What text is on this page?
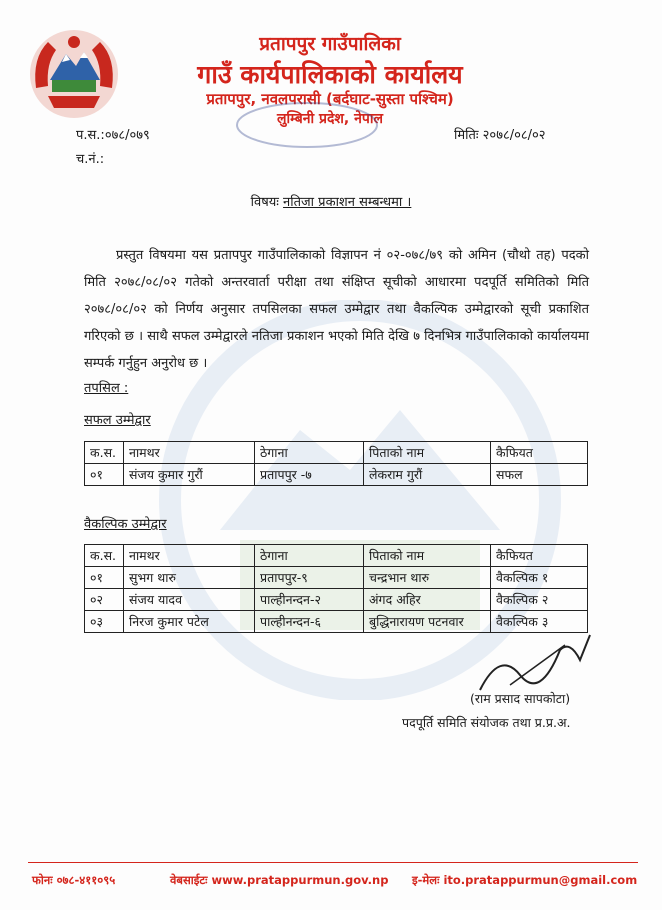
प्रतापपुर गाउँपालिका
गाउँ कार्यपालिकाको कार्यालय
प्रतापपुर, नवलपरासी (बर्दघाट-सुस्ता पश्चिम)
लुम्बिनी प्रदेश, नेपाल
प.स.:०७८/०७९
च.नं.:
मितिः २०७८/०८/०२
विषयः नतिजा प्रकाशन सम्बन्धमा ।
प्रस्तुत विषयमा यस प्रतापपुर गाउँपालिकाको विज्ञापन नं ०२-०७८/७९ को अमिन (चौथो तह) पदको मिति २०७८/०८/०२ गतेको अन्तरवार्ता परीक्षा तथा संक्षिप्त सूचीको आधारमा पदपूर्ति समितिको मिति २०७८/०८/०२ को निर्णय अनुसार तपसिलका सफल उम्मेद्वार तथा वैकल्पिक उम्मेद्वारको सूची प्रकाशित गरिएको छ । साथै सफल उम्मेद्वारले नतिजा प्रकाशन भएको मिति देखि ७ दिनभित्र गाउँपालिकाको कार्यालयमा सम्पर्क गर्नुहुन अनुरोध छ ।
तपसिल :
सफल उम्मेद्वार
क.स.	नामथर	ठेगाना	पिताको नाम	कैफियत
०१	संजय कुमार गुरौं	प्रतापपुर -७	लेकराम गुरौं	सफल
वैकल्पिक उम्मेद्वार
क.स.	नामथर	ठेगाना	पिताको नाम	कैफियत
०१	सुभग थारु	प्रतापपुर-९	चन्द्रभान थारु	वैकल्पिक १
०२	संजय यादव	पाल्हीनन्दन-२	अंगद अहिर	वैकल्पिक २
०३	निरज कुमार पटेल	पाल्हीनन्दन-६	बुद्धिनारायण पटनवार	वैकल्पिक ३
(राम प्रसाद सापकोटा)
पदपूर्ति समिति संयोजक तथा प्र.प्र.अ.
फोनः ०७८-४११०९५	वेबसाईटः www.pratappurmun.gov.np इ-मेलः ito.pratappurmun@gmail.com
